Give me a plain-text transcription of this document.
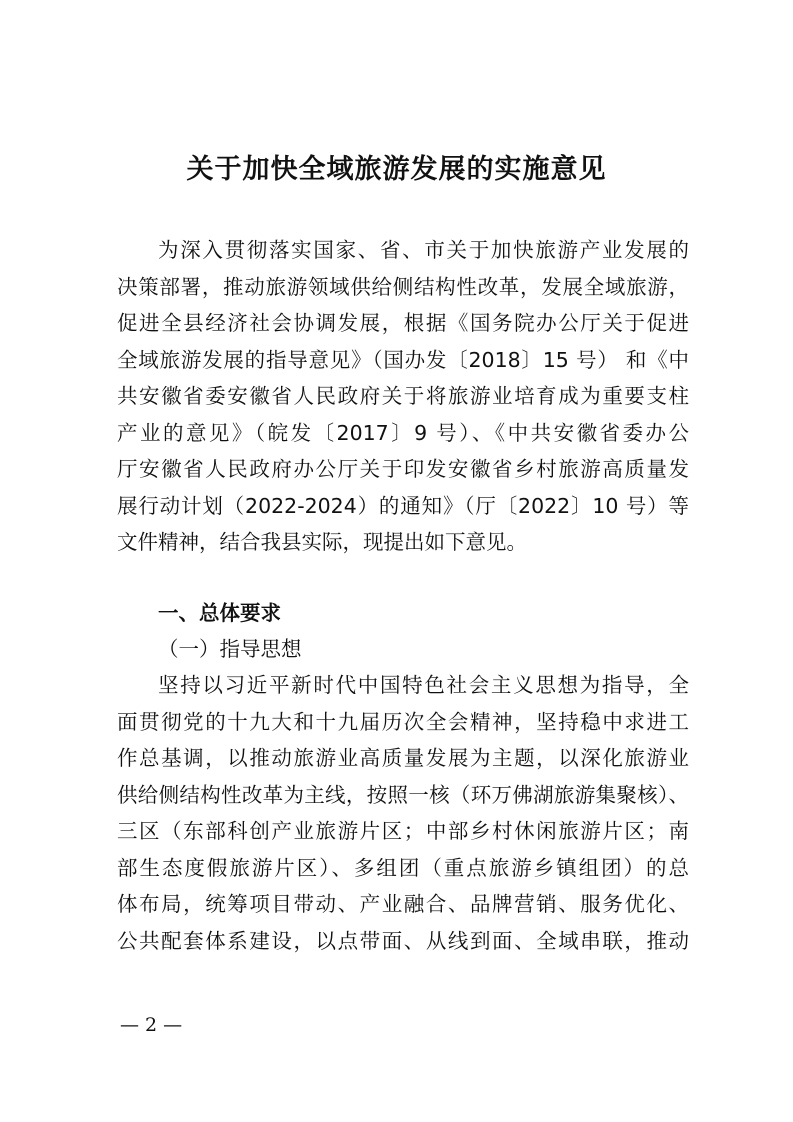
关于加快全域旅游发展的实施意见
为深入贯彻落实国家、省、市关于加快旅游产业发展的
决策部署，推动旅游领域供给侧结构性改革，发展全域旅游，
促进全县经济社会协调发展，根据《国务院办公厅关于促进
全域旅游发展的指导意见》（国办发〔2018〕15 号） 和《中
共安徽省委安徽省人民政府关于将旅游业培育成为重要支柱
产业的意见》（皖发〔2017〕9 号）、《中共安徽省委办公
厅安徽省人民政府办公厅关于印发安徽省乡村旅游高质量发
展行动计划（2022-2024）的通知》（厅〔2022〕10 号）等
文件精神，结合我县实际，现提出如下意见。
一、总体要求
（一）指导思想
坚持以习近平新时代中国特色社会主义思想为指导，全
面贯彻党的十九大和十九届历次全会精神，坚持稳中求进工
作总基调，以推动旅游业高质量发展为主题，以深化旅游业
供给侧结构性改革为主线，按照一核（环万佛湖旅游集聚核）、
三区（东部科创产业旅游片区；中部乡村休闲旅游片区；南
部生态度假旅游片区）、多组团（重点旅游乡镇组团）的总
体布局，统筹项目带动、产业融合、品牌营销、服务优化、
公共配套体系建设，以点带面、从线到面、全域串联，推动
— 2 —
